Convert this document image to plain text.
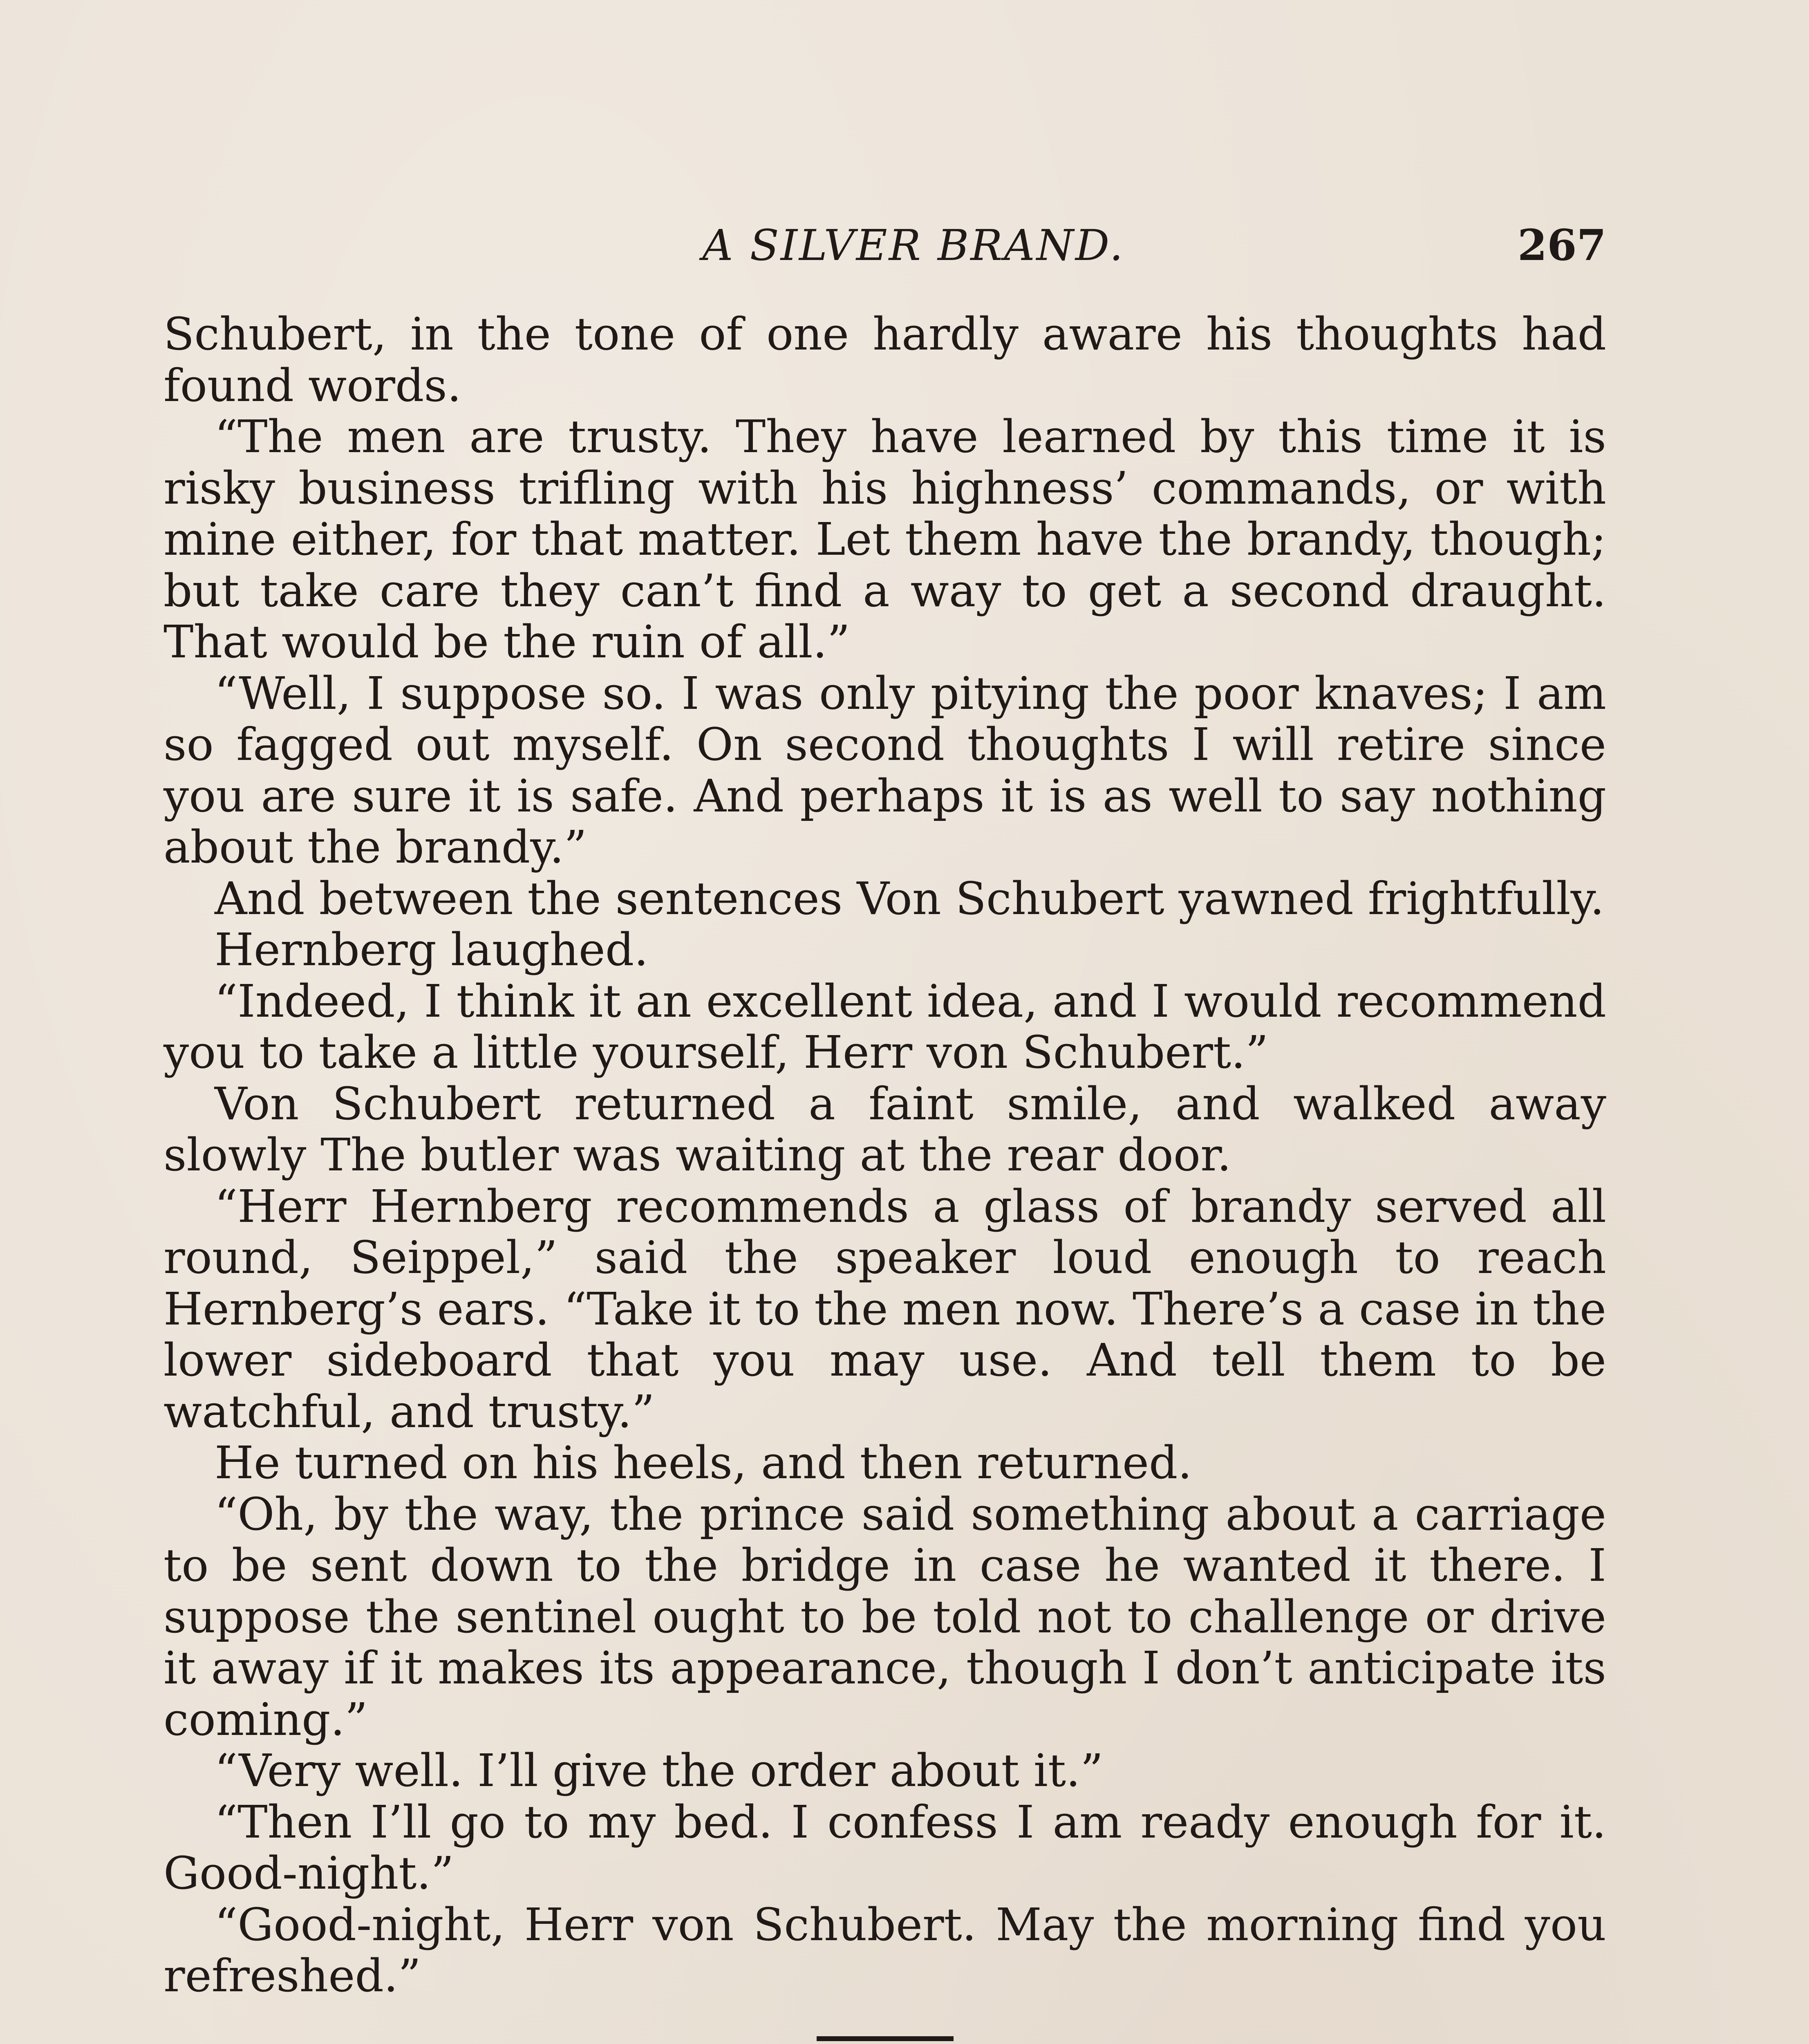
A SILVER BRAND.	267

Schubert, in the tone of one hardly aware his thoughts had found words.

“The men are trusty. They have learned by this time it is risky business trifling with his highness’ commands, or with mine either, for that matter. Let them have the brandy, though; but take care they can’t find a way to get a second draught. That would be the ruin of all.”

“Well, I suppose so. I was only pitying the poor knaves; I am so fagged out myself. On second thoughts I will retire since you are sure it is safe. And perhaps it is as well to say nothing about the brandy.”

And between the sentences Von Schubert yawned frightfully.

Hernberg laughed.

“Indeed, I think it an excellent idea, and I would recommend you to take a little yourself, Herr von Schubert.”

Von Schubert returned a faint smile, and walked away slowly The butler was waiting at the rear door.

“Herr Hernberg recommends a glass of brandy served all round, Seippel,” said the speaker loud enough to reach Hernberg’s ears. “Take it to the men now. There’s a case in the lower sideboard that you may use. And tell them to be watchful, and trusty.”

He turned on his heels, and then returned.

“Oh, by the way, the prince said something about a carriage to be sent down to the bridge in case he wanted it there. I suppose the sentinel ought to be told not to challenge or drive it away if it makes its appearance, though I don’t anticipate its coming.”

“Very well. I’ll give the order about it.”

“Then I’ll go to my bed. I confess I am ready enough for it. Good-night.”

“Good-night, Herr von Schubert. May the morning find you refreshed.”
